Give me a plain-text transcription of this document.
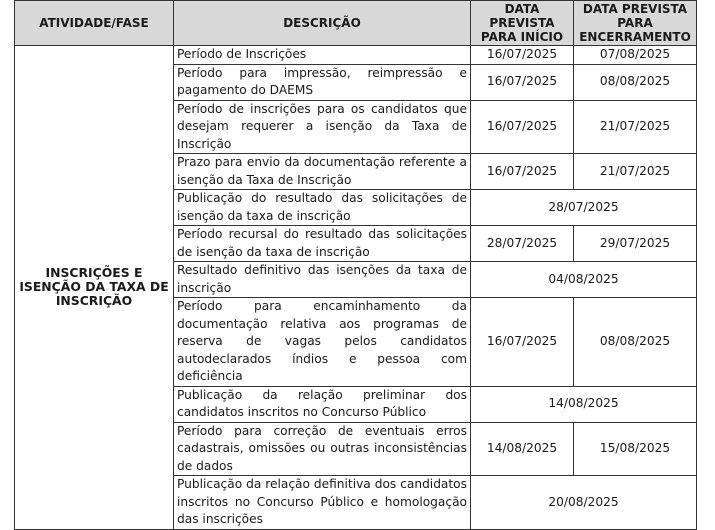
ATIVIDADE/FASE	DESCRIÇÃO	DATA PREVISTA PARA INÍCIO	DATA PREVISTA PARA ENCERRAMENTO
INSCRIÇÕES E ISENÇÃO DA TAXA DE INSCRIÇÃO	Período de Inscrições	16/07/2025	07/08/2025
	Período para impressão, reimpressão e pagamento do DAEMS	16/07/2025	08/08/2025
	Período de inscrições para os candidatos que desejam requerer a isenção da Taxa de Inscrição	16/07/2025	21/07/2025
	Prazo para envio da documentação referente a isenção da Taxa de Inscrição	16/07/2025	21/07/2025
	Publicação do resultado das solicitações de isenção da taxa de inscrição	28/07/2025	
	Período recursal do resultado das solicitações de isenção da taxa de inscrição	28/07/2025	29/07/2025
	Resultado definitivo das isenções da taxa de inscrição	04/08/2025	
	Período para encaminhamento da documentação relativa aos programas de reserva de vagas pelos candidatos autodeclarados índios e pessoa com deficiência	16/07/2025	08/08/2025
	Publicação da relação preliminar dos candidatos inscritos no Concurso Público	14/08/2025	
	Período para correção de eventuais erros cadastrais, omissões ou outras inconsistências de dados	14/08/2025	15/08/2025
	Publicação da relação definitiva dos candidatos inscritos no Concurso Público e homologação das inscrições	20/08/2025	
